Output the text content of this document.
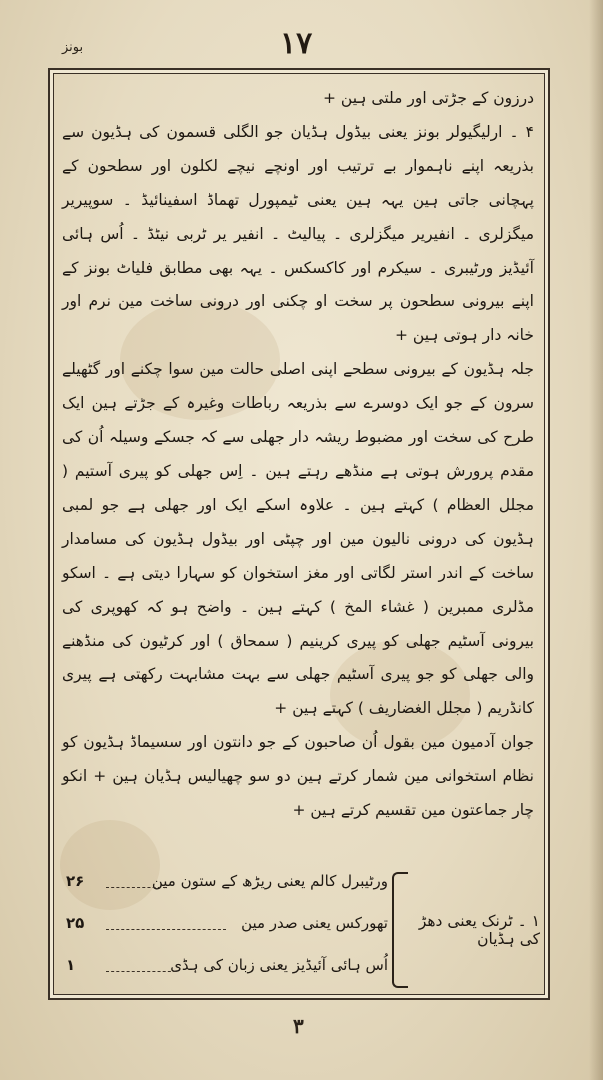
بونز	۱۷

درزون کے جڑتی اور ملتی ہین +

۴ ۔ ارلیگیولر بونز یعنی بیڈول ہڈیان جو الگلی قسمون کی ہڈیون سے بذریعہ اپنے ناہموار بے ترتیب اور اونچے نیچے لکلون اور سطحون کے پہچانی جاتی ہین یہہ ہین یعنی ٹیمپورل تھماڈ اسفینائیڈ ۔ سوپیریر میگزلری ۔ انفیریر میگزلری ۔ پیالیٹ ۔ انفیر یر ٹربی نیٹڈ ۔ اُس ہائی آئیڈیز ورٹیبری ۔ سیکرم اور کاکسکس ۔ یہہ بھی مطابق فلیاٹ بونز کے اپنے بیرونی سطحون پر سخت او چکنی اور درونی ساخت مین نرم اور خانہ دار ہوتی ہین +

جلہ ہڈیون کے بیرونی سطحے اپنی اصلی حالت مین سوا چکنے اور گٹھیلے سرون کے جو ایک دوسرے سے بذریعہ رباطات وغیرہ کے جڑتے ہین ایک طرح کی سخت اور مضبوط ریشہ دار جھلی سے کہ جسکے وسیلہ اُن کی مقدم پرورش ہوتی ہے منڈھے رہتے ہین ۔ اِس جھلی کو پیری آستیم ( مجلل العظام ) کہتے ہین ۔ علاوہ اسکے ایک اور جھلی ہے جو لمبی ہڈیون کی درونی نالیون مین اور چپٹی اور بیڈول ہڈیون کی مسامدار ساخت کے اندر استر لگاتی اور مغز استخوان کو سہارا دیتی ہے ۔ اسکو مڈلری ممبرین ( غشاء المخ ) کہتے ہین ۔ واضح ہو کہ کھوپری کی بیرونی آسٹیم جھلی کو پیری کرینیم ( سمحاق ) اور کرٹیون کی منڈھنے والی جھلی کو جو پیری آسٹیم جھلی سے بہت مشابہت رکھتی ہے پیری کانڈریم ( مجلل الغضاریف ) کہتے ہین +

جوان آدمیون مین بقول اُن صاحبون کے جو دانتون اور سسیماڈ ہڈیون کو نظام استخوانی مین شمار کرتے ہین دو سو چھیالیس ہڈیان ہین + انکو چار جماعتون مین تقسیم کرتے ہین +

۱ ۔ ٹرنک یعنی دھڑ کی ہڈیان
ورٹیبرل کالم یعنی ریڑھ کے ستون مین
۲۶
تھورکس یعنی صدر مین
۲۵
اُس ہائی آئیڈیز یعنی زبان کی ہڈی
۱
۳
